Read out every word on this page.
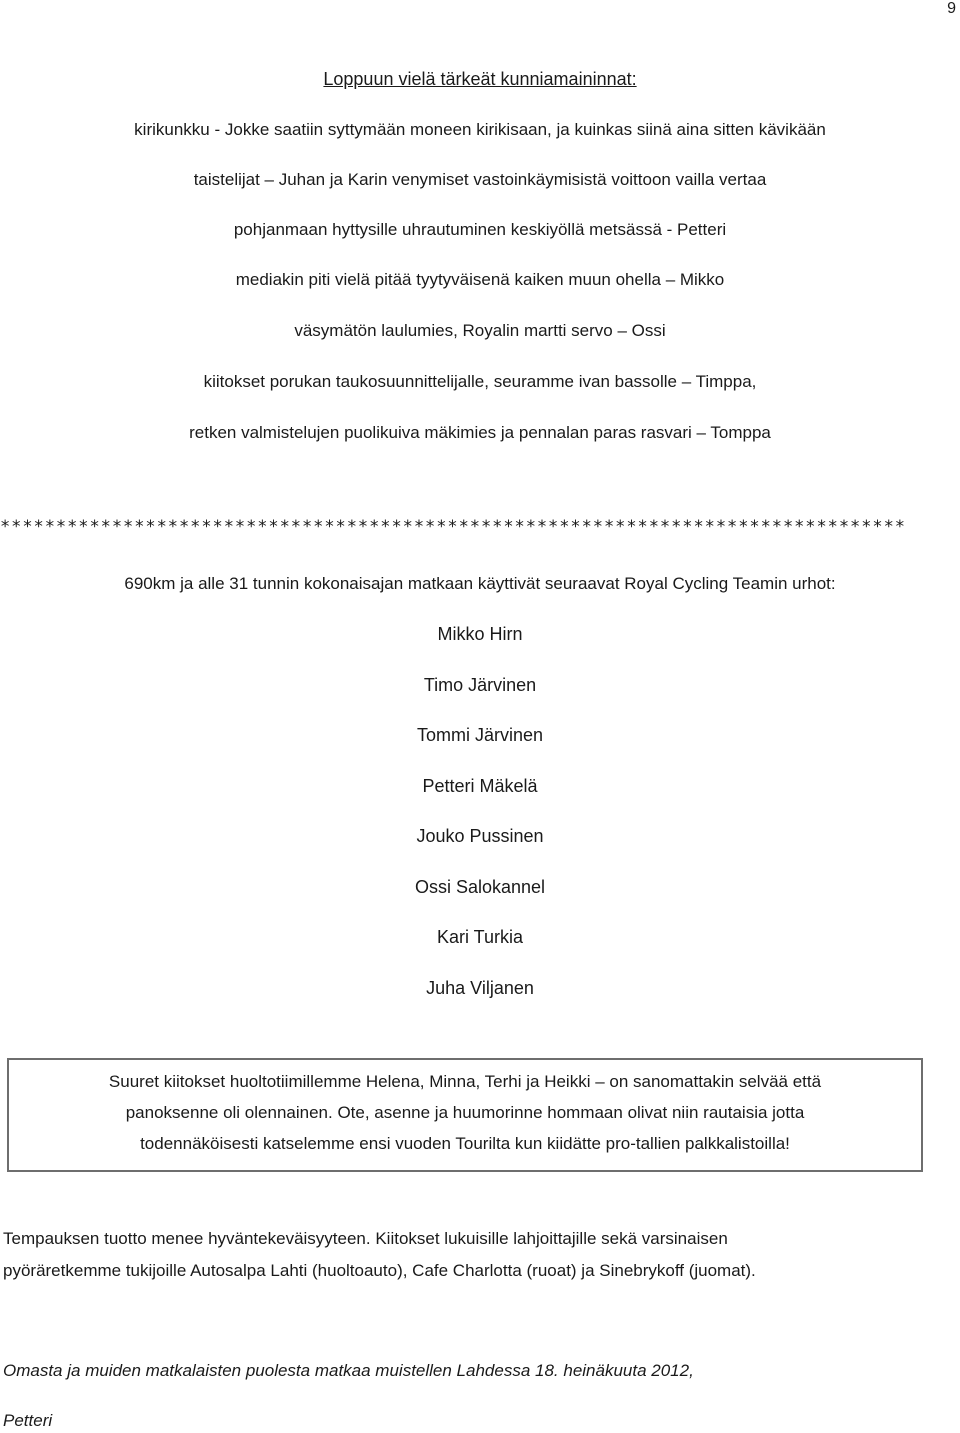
9
Loppuun vielä tärkeät kunniamaininnat:
kirikunkku - Jokke saatiin syttymään moneen kirikisaan, ja kuinkas siinä aina sitten kävikään
taistelijat – Juhan ja Karin venymiset vastoinkäymisistä voittoon vailla vertaa
pohjanmaan hyttysille uhrautuminen keskiyöllä metsässä - Petteri
mediakin piti vielä pitää tyytyväisenä kaiken muun ohella – Mikko
väsymätön laulumies, Royalin martti servo – Ossi
kiitokset porukan taukosuunnittelijalle, seuramme ivan bassolle – Timppa,
retken valmistelujen puolikuiva mäkimies ja pennalan paras rasvari – Tomppa
*********************************************************************************
690km ja alle 31 tunnin kokonaisajan matkaan käyttivät seuraavat Royal Cycling Teamin urhot:
Mikko Hirn
Timo Järvinen
Tommi Järvinen
Petteri Mäkelä
Jouko Pussinen
Ossi Salokannel
Kari Turkia
Juha Viljanen
Suuret kiitokset huoltotiimillemme Helena, Minna, Terhi ja Heikki – on sanomattakin selvää että
panoksenne oli olennainen. Ote, asenne ja huumorinne hommaan olivat niin rautaisia jotta
todennäköisesti katselemme ensi vuoden Tourilta kun kiidätte pro-tallien palkkalistoilla!
Tempauksen tuotto menee hyväntekeväisyyteen. Kiitokset lukuisille lahjoittajille sekä varsinaisen
pyöräretkemme tukijoille Autosalpa Lahti (huoltoauto), Cafe Charlotta (ruoat) ja Sinebrykoff (juomat).
Omasta ja muiden matkalaisten puolesta matkaa muistellen Lahdessa 18. heinäkuuta 2012,
Petteri
